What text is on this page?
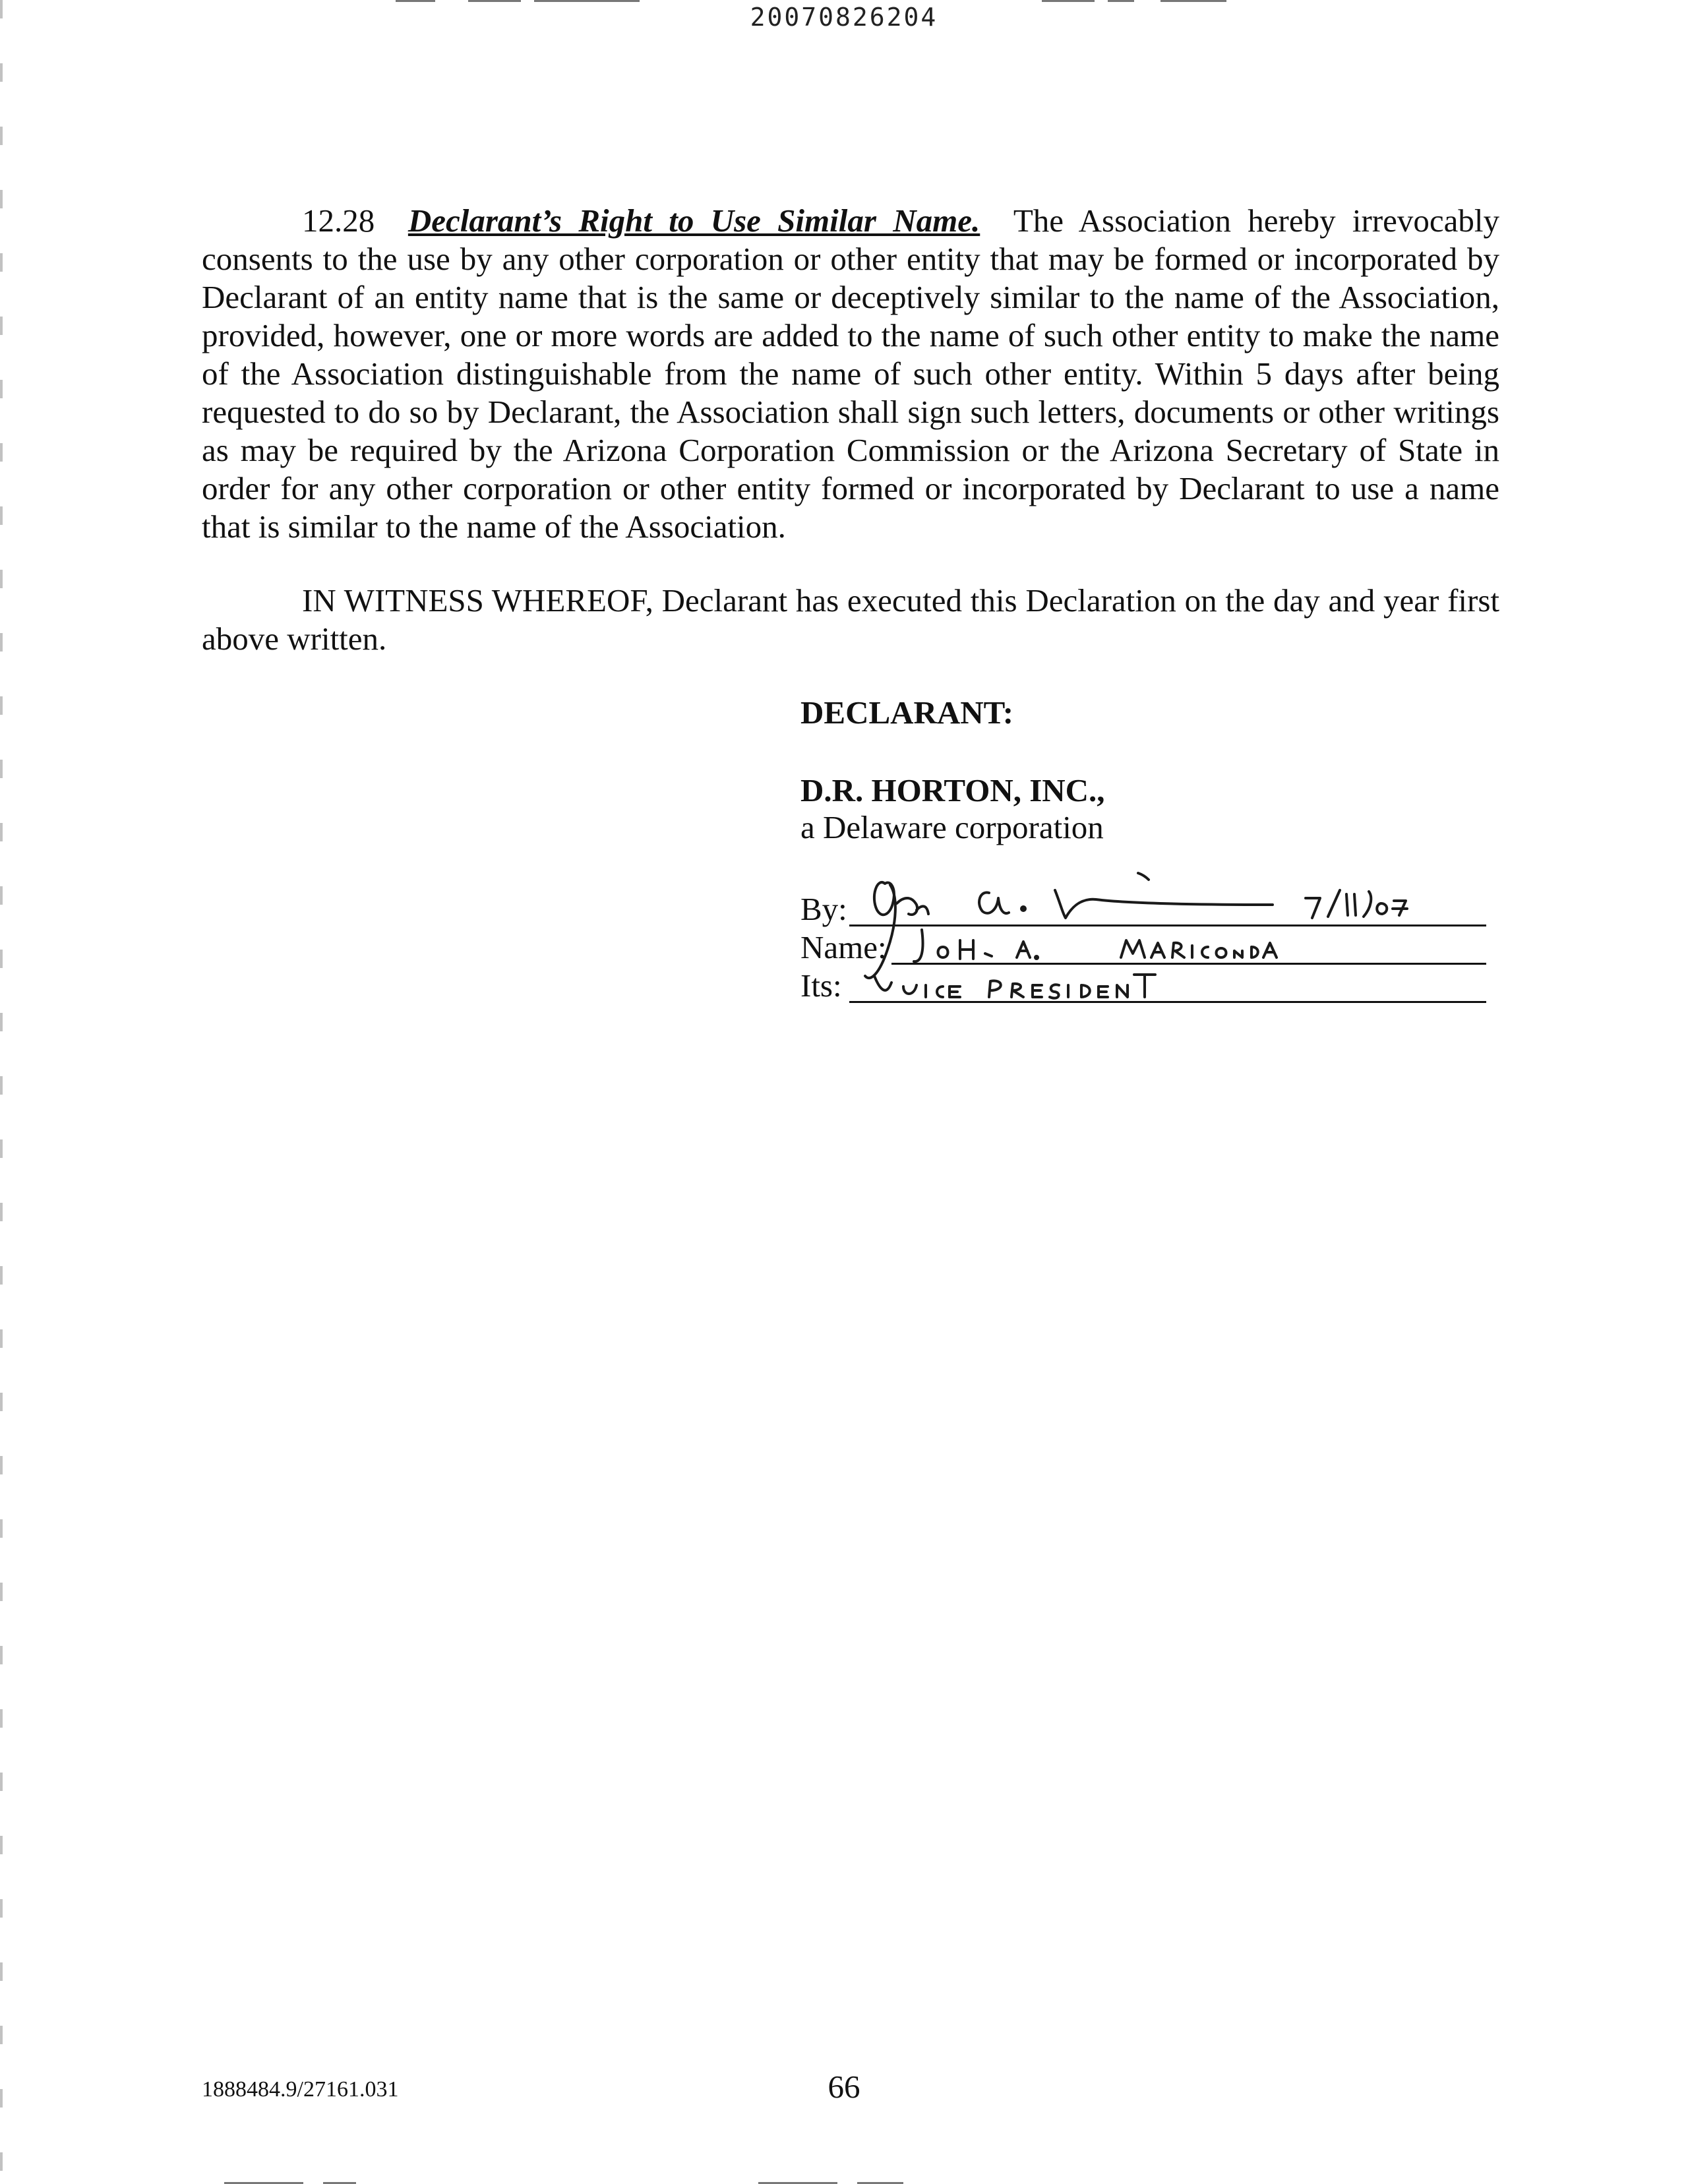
20070826204

12.28 Declarant’s Right to Use Similar Name. The Association hereby irrevocably consents to the use by any other corporation or other entity that may be formed or incorporated by Declarant of an entity name that is the same or deceptively similar to the name of the Association, provided, however, one or more words are added to the name of such other entity to make the name of the Association distinguishable from the name of such other entity. Within 5 days after being requested to do so by Declarant, the Association shall sign such letters, documents or other writings as may be required by the Arizona Corporation Commission or the Arizona Secretary of State in order for any other corporation or other entity formed or incorporated by Declarant to use a name that is similar to the name of the Association.

IN WITNESS WHEREOF, Declarant has executed this Declaration on the day and year first above written.

DECLARANT:
D.R. HORTON, INC.,
a Delaware corporation
By:
Name:
Its:
1888484.9/27161.031	66
